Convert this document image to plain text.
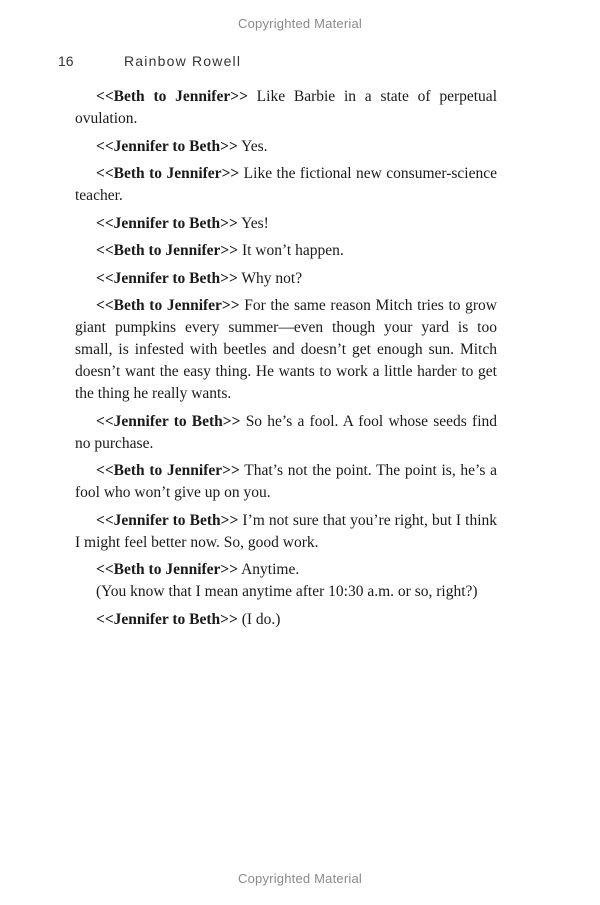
Copyrighted Material
16	Rainbow Rowell

<<Beth to Jennifer>> Like Barbie in a state of perpetual ovulation.

<<Jennifer to Beth>> Yes.

<<Beth to Jennifer>> Like the fictional new consumer-science teacher.

<<Jennifer to Beth>> Yes!

<<Beth to Jennifer>> It won’t happen.

<<Jennifer to Beth>> Why not?

<<Beth to Jennifer>> For the same reason Mitch tries to grow giant pumpkins every summer—even though your yard is too small, is infested with beetles and doesn’t get enough sun. Mitch doesn’t want the easy thing. He wants to work a little harder to get the thing he really wants.

<<Jennifer to Beth>> So he’s a fool. A fool whose seeds find no purchase.

<<Beth to Jennifer>> That’s not the point. The point is, he’s a fool who won’t give up on you.

<<Jennifer to Beth>> I’m not sure that you’re right, but I think I might feel better now. So, good work.

<<Beth to Jennifer>> Anytime.

(You know that I mean anytime after 10:30 a.m. or so, right?)

<<Jennifer to Beth>> (I do.)

Copyrighted Material
